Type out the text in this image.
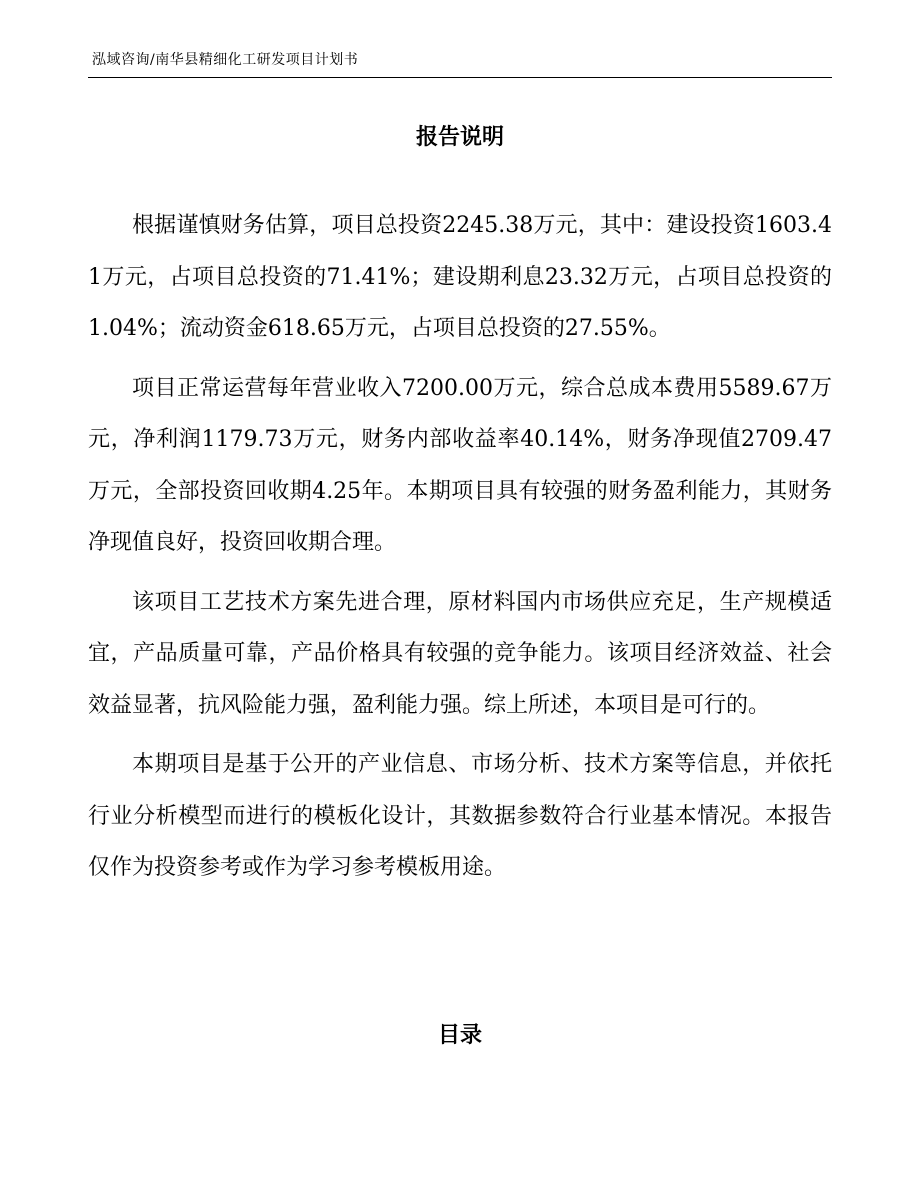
泓域咨询/南华县精细化工研发项目计划书
报告说明

根据谨慎财务估算，项目总投资2245.38万元，其中：建设投资1603.41万元，占项目总投资的71.41%；建设期利息23.32万元，占项目总投资的1.04%；流动资金618.65万元，占项目总投资的27.55%。

项目正常运营每年营业收入7200.00万元，综合总成本费用5589.67万元，净利润1179.73万元，财务内部收益率40.14%，财务净现值2709.47万元，全部投资回收期4.25年。本期项目具有较强的财务盈利能力，其财务净现值良好，投资回收期合理。

该项目工艺技术方案先进合理，原材料国内市场供应充足，生产规模适宜，产品质量可靠，产品价格具有较强的竞争能力。该项目经济效益、社会效益显著，抗风险能力强，盈利能力强。综上所述，本项目是可行的。

本期项目是基于公开的产业信息、市场分析、技术方案等信息，并依托行业分析模型而进行的模板化设计，其数据参数符合行业基本情况。本报告仅作为投资参考或作为学习参考模板用途。

目录
